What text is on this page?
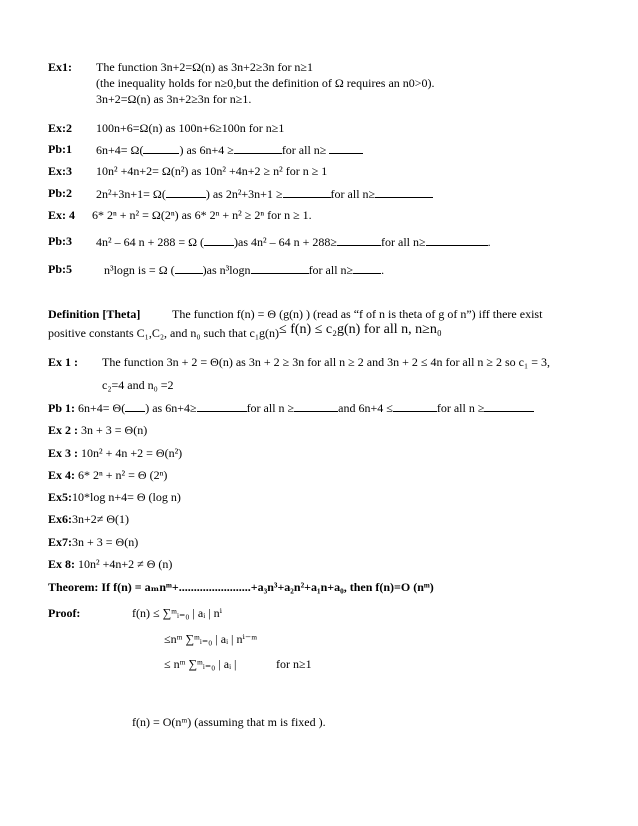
Ex1: The function 3n+2=Ω(n) as 3n+2≥3n for n≥1
(the inequality holds for n≥0,but the definition of Ω requires an n0>0).
3n+2=Ω(n) as 3n+2≥3n for n≥1.
Ex:2 100n+6=Ω(n) as 100n+6≥100n for n≥1
Pb:1 6n+4= Ω(	) as 6n+4 ≥	for all n≥
Ex:3 10n² +4n+2= Ω(n²) as 10n² +4n+2 ≥ n² for n ≥ 1
Pb:2 2n²+3n+1= Ω(	) as 2n²+3n+1 ≥	for all n≥
Ex: 4 6* 2ⁿ + n² = Ω(2ⁿ) as 6* 2ⁿ + n² ≥ 2ⁿ for n ≥ 1.
Pb:3 4n² – 64 n + 288 = Ω (	)as 4n² – 64 n + 288≥	for all n≥	.
Pb:5	n³logn is = Ω ( )as n³logn	for all n≥ .
Definition [Theta]	The function f(n) = Θ (g(n) ) (read as “f of n is theta of g of n”) iff there exist
positive constants C₁,C₂, and n₀ such that c₁g(n)≤ f(n) ≤ c₂g(n) for all n, n≥n₀
Ex 1 : The function 3n + 2 = Θ(n) as 3n + 2 ≥ 3n for all n ≥ 2 and 3n + 2 ≤ 4n for all n ≥ 2 so c₁ = 3,
c₂=4 and n₀ =2
Pb 1: 6n+4= Θ( ) as 6n+4≥	for all n ≥	and 6n+4 ≤	for all n ≥
Ex 2 : 3n + 3 = Θ(n)
Ex 3 : 10n² + 4n +2 = Θ(n²)
Ex 4: 6* 2ⁿ + n² = Θ (2ⁿ)
Ex5:10*log n+4= Θ (log n)
Ex6:3n+2≠ Θ(1)
Ex7:3n + 3 = Θ(n)
Ex 8: 10n² +4n+2 ≠ Θ (n)
Theorem: If f(n) = aₘnᵐ+........................+a₃n³+a₂n²+a₁n+a₀, then f(n)=O (nᵐ)
Proof:	f(n) ≤ ∑ᵐᵢ₌₀ | aᵢ | nⁱ
≤nᵐ ∑ᵐᵢ₌₀ | aᵢ | nⁱ⁻ᵐ
≤ nᵐ ∑ᵐᵢ₌₀ | aᵢ |	for n≥1
f(n) = O(nᵐ) (assuming that m is fixed ).
